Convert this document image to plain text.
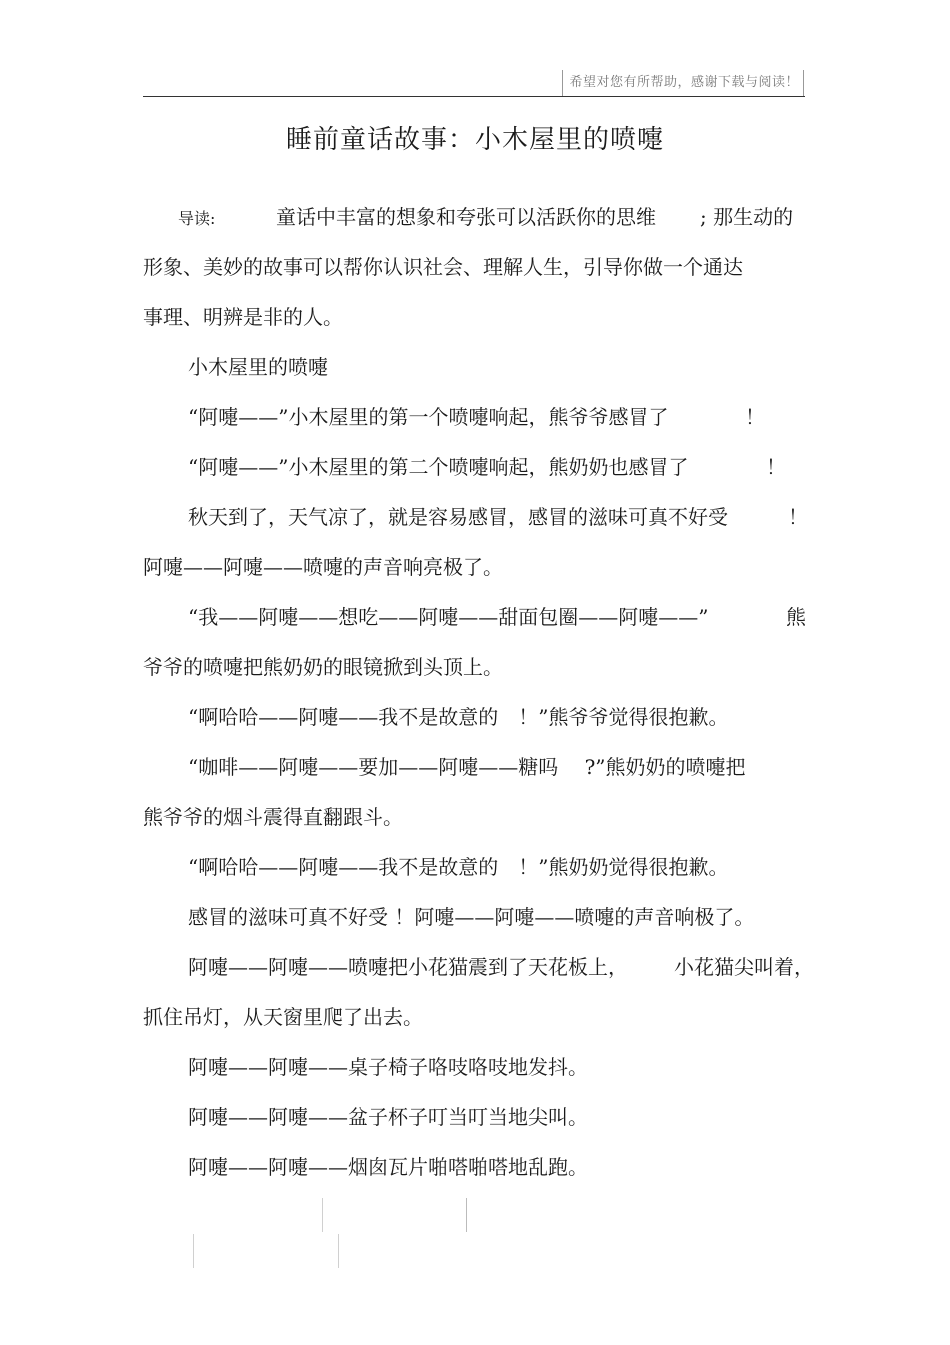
希望对您有所帮助，感谢下载与阅读！
睡前童话故事：小木屋里的喷嚏
导读:	童话中丰富的想象和夸张可以活跃你的思维 ; 那生动的
形象、美妙的故事可以帮你认识社会、理解人生，引导你做一个通达
事理、明辨是非的人。
小木屋里的喷嚏
“阿嚏——”小木屋里的第一个喷嚏响起，熊爷爷感冒了	！
“阿嚏——”小木屋里的第二个喷嚏响起，熊奶奶也感冒了	！
秋天到了，天气凉了，就是容易感冒，感冒的滋味可真不好受	！
阿嚏——阿嚏——喷嚏的声音响亮极了。
“我——阿嚏——想吃——阿嚏——甜面包圈——阿嚏——”	熊
爷爷的喷嚏把熊奶奶的眼镜掀到头顶上。
“啊哈哈——阿嚏——我不是故意的　！”熊爷爷觉得很抱歉。
“咖啡——阿嚏——要加——阿嚏——糖吗　 ?”熊奶奶的喷嚏把
熊爷爷的烟斗震得直翻跟斗。
“啊哈哈——阿嚏——我不是故意的　！”熊奶奶觉得很抱歉。
感冒的滋味可真不好受 ！阿嚏——阿嚏——喷嚏的声音响极了。
阿嚏——阿嚏——喷嚏把小花猫震到了天花板上， 小花猫尖叫着，
抓住吊灯，从天窗里爬了出去。
阿嚏——阿嚏——桌子椅子咯吱咯吱地发抖。
阿嚏——阿嚏——盆子杯子叮当叮当地尖叫。
阿嚏——阿嚏——烟囱瓦片啪嗒啪嗒地乱跑。
